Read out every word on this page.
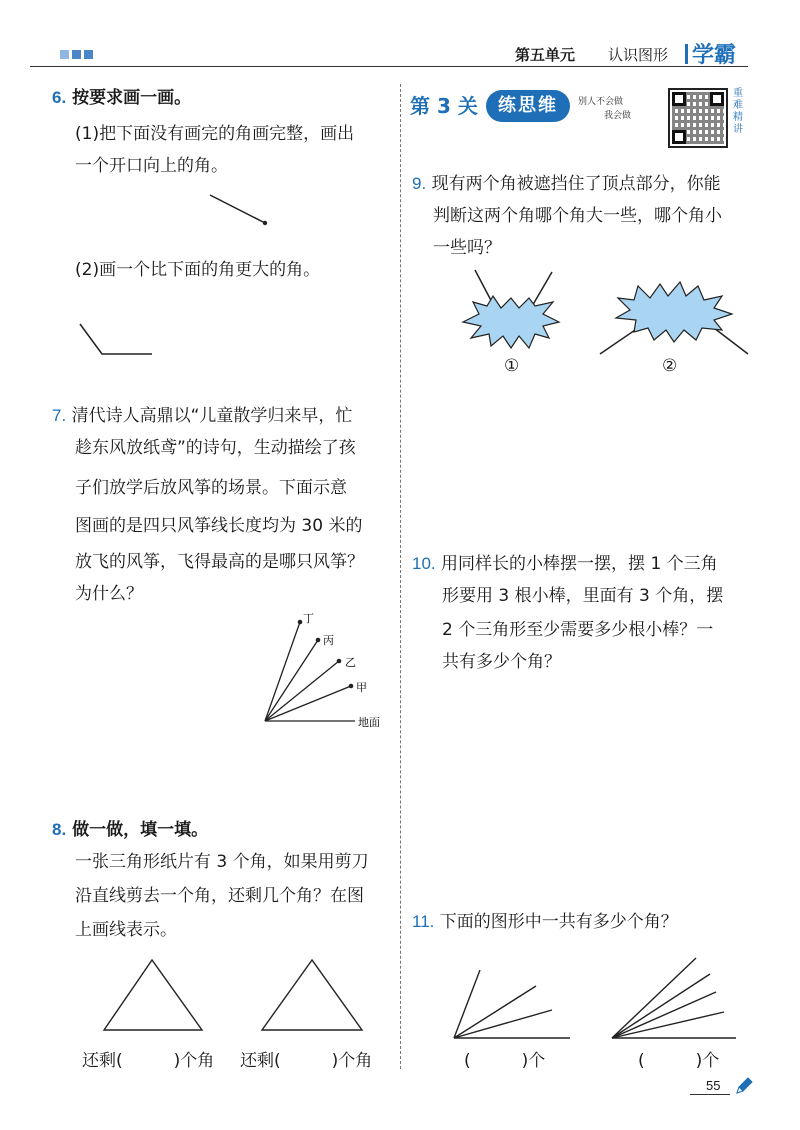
第五单元 认识图形 学霸
6. 按要求画一画。
(1)把下面没有画完的角画完整，画出
一个开口向上的角。
(2)画一个比下面的角更大的角。
7. 清代诗人高鼎以“儿童散学归来早，忙
趁东风放纸鸢”的诗句，生动描绘了孩
子们放学后放风筝的场景。下面示意
图画的是四只风筝线长度均为 30 米的
放飞的风筝，飞得最高的是哪只风筝？
为什么？
丁
丙
乙
甲
地面
8. 做一做，填一填。
一张三角形纸片有 3 个角，如果用剪刀
沿直线剪去一个角，还剩几个角？在图
上画线表示。
还剩(　　　)个角 还剩(　　　)个角
第 3 关	练思维	别人不会做
我会做
重难精讲
9. 现有两个角被遮挡住了顶点部分，你能
判断这两个角哪个角大一些，哪个角小
一些吗？
①	②
10. 用同样长的小棒摆一摆，摆 1 个三角
形要用 3 根小棒，里面有 3 个角，摆
2 个三角形至少需要多少根小棒？一
共有多少个角？
11. 下面的图形中一共有多少个角？
(　　　)个	(　　　)个
55
